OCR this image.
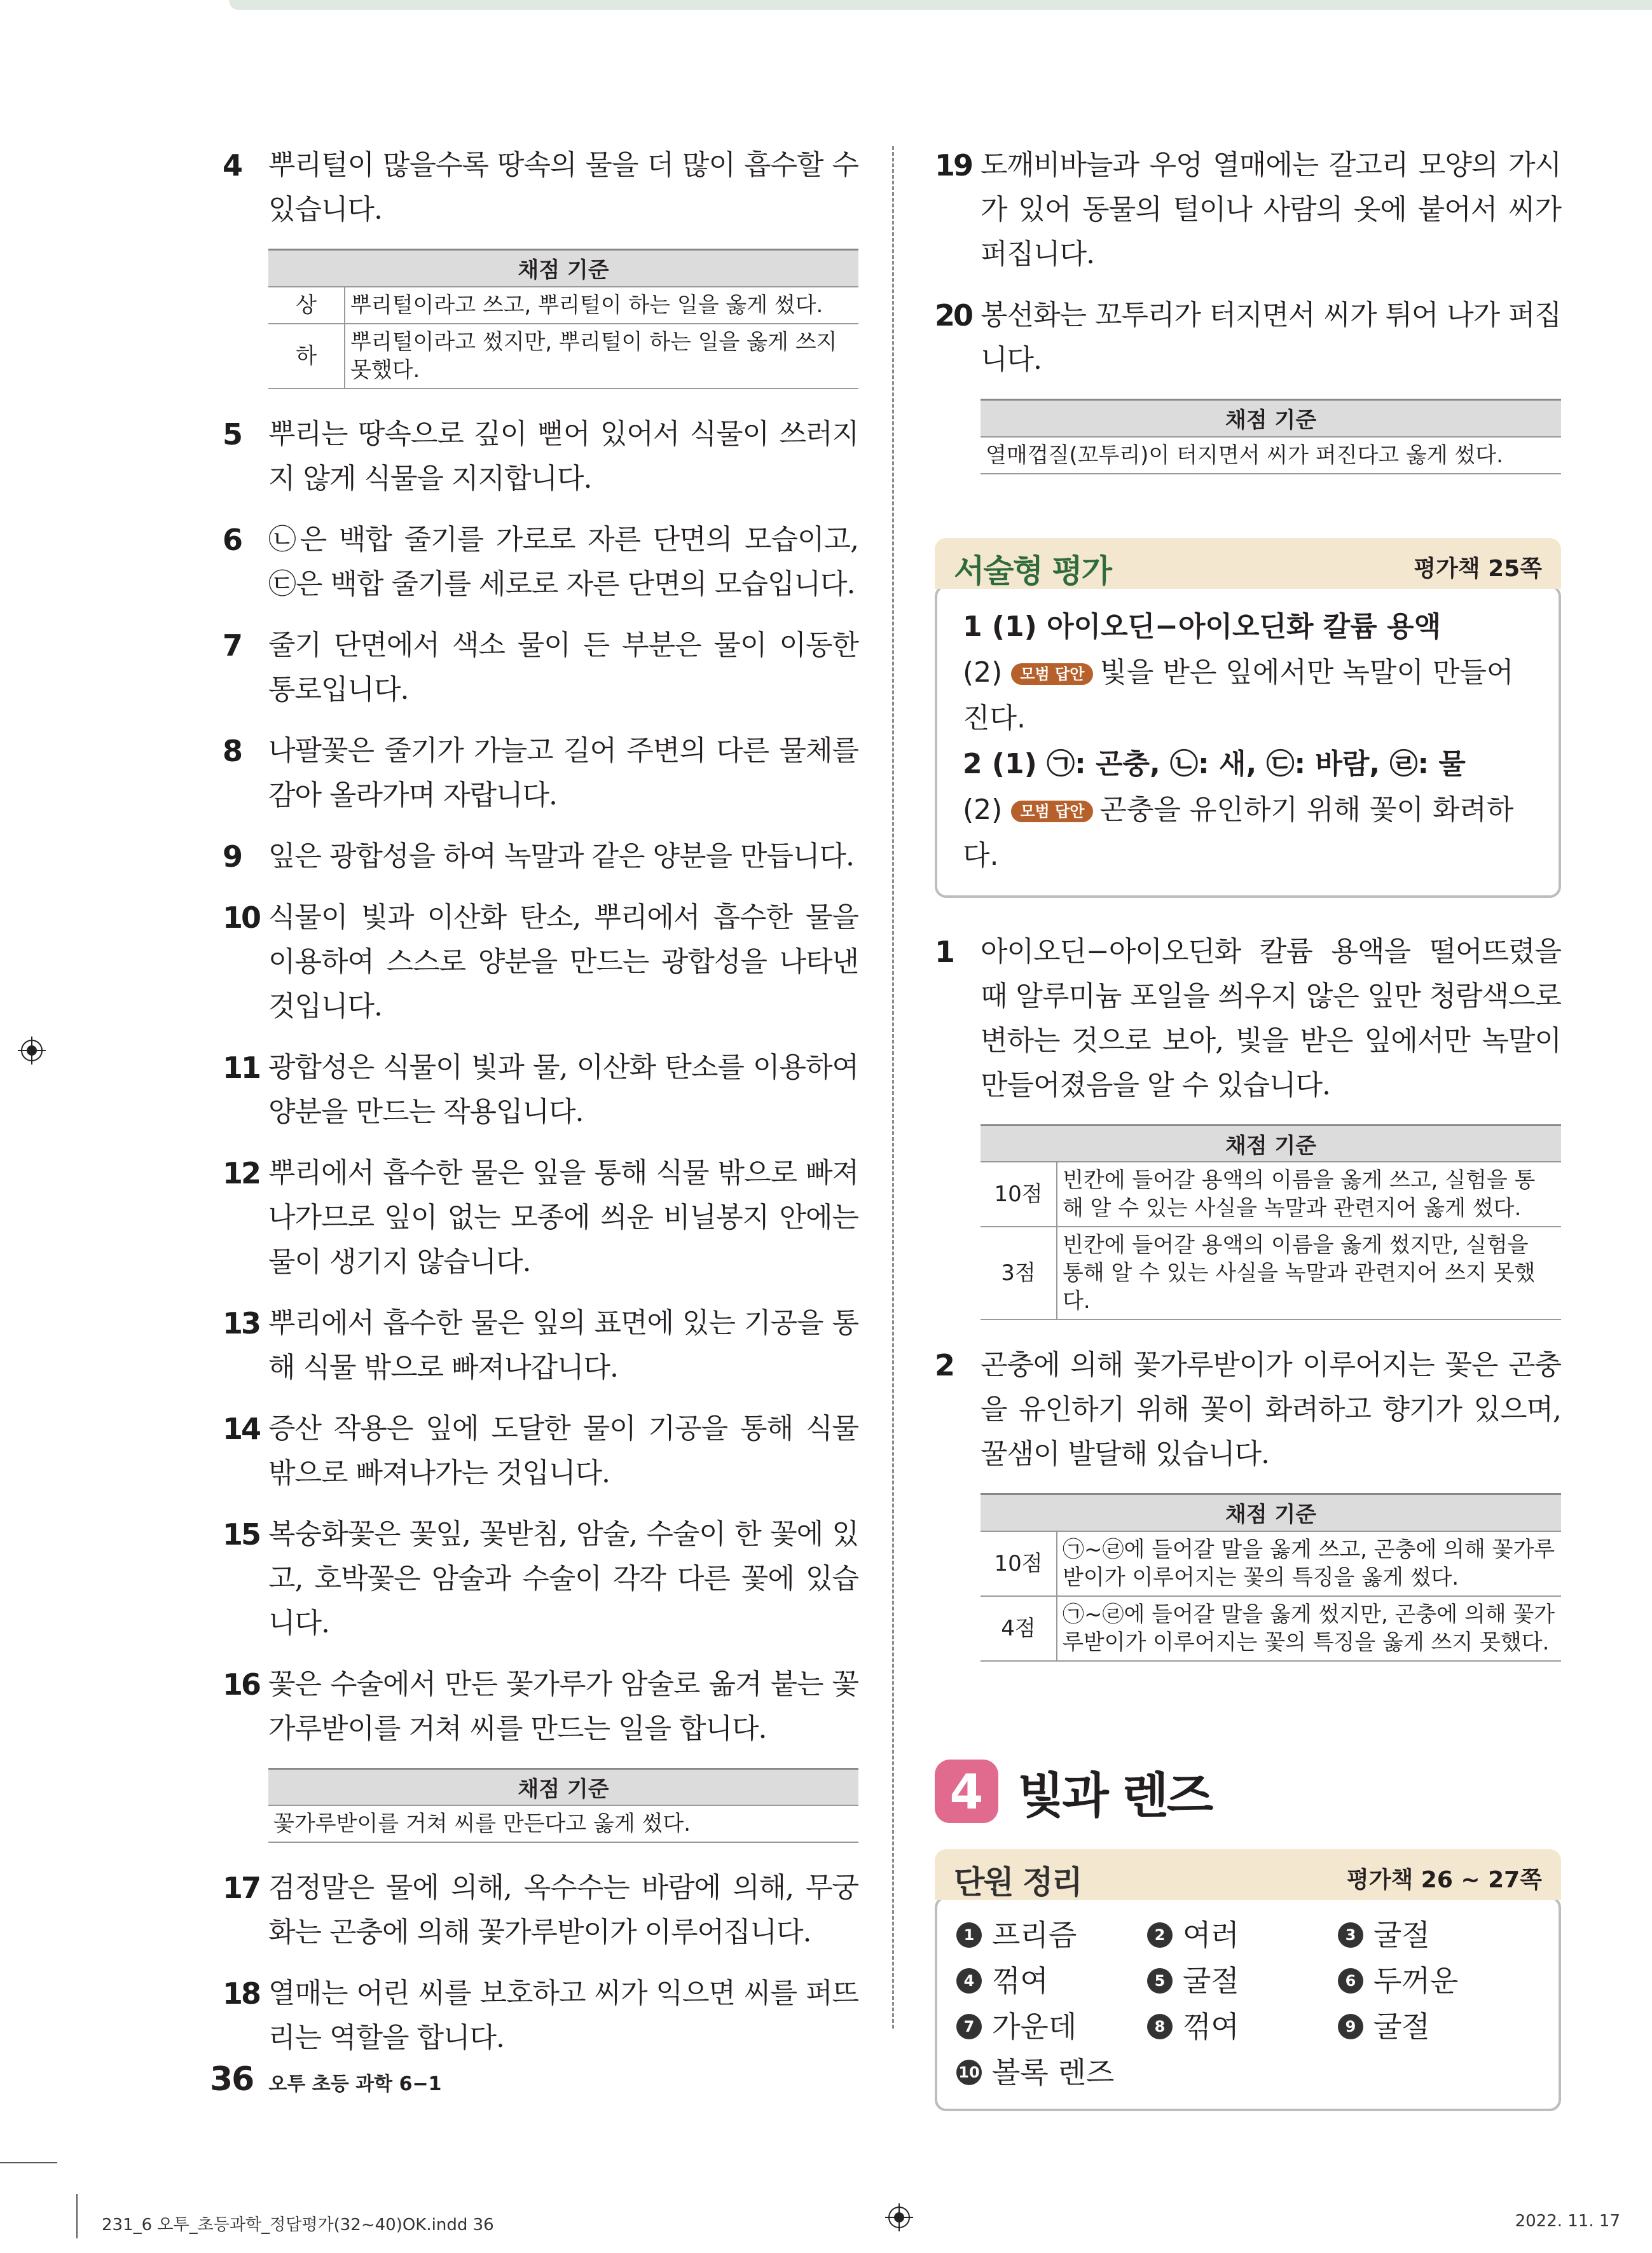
4 뿌리털이 많을수록 땅속의 물을 더 많이 흡수할 수 있습니다.
채점 기준	
상	뿌리털이라고 쓰고, 뿌리털이 하는 일을 옳게 썼다.
하	뿌리털이라고 썼지만, 뿌리털이 하는 일을 옳게 쓰지 못했다.
5 뿌리는 땅속으로 깊이 뻗어 있어서 식물이 쓰러지지 않게 식물을 지지합니다.
6 ㉡은 백합 줄기를 가로로 자른 단면의 모습이고, ㉢은 백합 줄기를 세로로 자른 단면의 모습입니다.
7 줄기 단면에서 색소 물이 든 부분은 물이 이동한 통로입니다.
8 나팔꽃은 줄기가 가늘고 길어 주변의 다른 물체를 감아 올라가며 자랍니다.
9 잎은 광합성을 하여 녹말과 같은 양분을 만듭니다.
10 식물이 빛과 이산화 탄소, 뿌리에서 흡수한 물을 이용하여 스스로 양분을 만드는 광합성을 나타낸 것입니다.
11 광합성은 식물이 빛과 물, 이산화 탄소를 이용하여 양분을 만드는 작용입니다.
12 뿌리에서 흡수한 물은 잎을 통해 식물 밖으로 빠져나가므로 잎이 없는 모종에 씌운 비닐봉지 안에는 물이 생기지 않습니다.
13 뿌리에서 흡수한 물은 잎의 표면에 있는 기공을 통해 식물 밖으로 빠져나갑니다.
14 증산 작용은 잎에 도달한 물이 기공을 통해 식물 밖으로 빠져나가는 것입니다.
15 복숭화꽃은 꽃잎, 꽃받침, 암술, 수술이 한 꽃에 있고, 호박꽃은 암술과 수술이 각각 다른 꽃에 있습니다.
16 꽃은 수술에서 만든 꽃가루가 암술로 옮겨 붙는 꽃가루받이를 거쳐 씨를 만드는 일을 합니다.
채점 기준
꽃가루받이를 거쳐 씨를 만든다고 옳게 썼다.
17 검정말은 물에 의해, 옥수수는 바람에 의해, 무궁화는 곤충에 의해 꽃가루받이가 이루어집니다.
18 열매는 어린 씨를 보호하고 씨가 익으면 씨를 퍼뜨리는 역할을 합니다.
19 도깨비바늘과 우엉 열매에는 갈고리 모양의 가시가 있어 동물의 털이나 사람의 옷에 붙어서 씨가 퍼집니다.
20 봉선화는 꼬투리가 터지면서 씨가 튀어 나가 퍼집니다.
채점 기준
열매껍질(꼬투리)이 터지면서 씨가 퍼진다고 옳게 썼다.
서술형 평가	평가책 25쪽
1 (1) 아이오딘−아이오딘화 칼륨 용액
(2) 모범 답안 빛을 받은 잎에서만 녹말이 만들어진다.
2 (1) ㉠: 곤충, ㉡: 새, ㉢: 바람, ㉣: 물
(2) 모범 답안 곤충을 유인하기 위해 꽃이 화려하다.
1 아이오딘−아이오딘화 칼륨 용액을 떨어뜨렸을 때 알루미늄 포일을 씌우지 않은 잎만 청람색으로 변하는 것으로 보아, 빛을 받은 잎에서만 녹말이 만들어졌음을 알 수 있습니다.
채점 기준	
10점	빈칸에 들어갈 용액의 이름을 옳게 쓰고, 실험을 통해 알 수 있는 사실을 녹말과 관련지어 옳게 썼다.
3점	빈칸에 들어갈 용액의 이름을 옳게 썼지만, 실험을 통해 알 수 있는 사실을 녹말과 관련지어 쓰지 못했다.
2 곤충에 의해 꽃가루받이가 이루어지는 꽃은 곤충을 유인하기 위해 꽃이 화려하고 향기가 있으며, 꿀샘이 발달해 있습니다.
채점 기준	
10점	㉠~㉣에 들어갈 말을 옳게 쓰고, 곤충에 의해 꽃가루받이가 이루어지는 꽃의 특징을 옳게 썼다.
4점	㉠~㉣에 들어갈 말을 옳게 썼지만, 곤충에 의해 꽃가루받이가 이루어지는 꽃의 특징을 옳게 쓰지 못했다.
4 빛과 렌즈
단원 정리	평가책 26 ~ 27쪽
1 프리즘	2 여러	3 굴절
4 꺾여	5 굴절	6 두꺼운
7 가운데	8 꺾여	9 굴절
10 볼록 렌즈
36 오투 초등 과학 6−1
231_6 오투_초등과학_정답평가(32~40)OK.indd 36	2022. 11. 17
